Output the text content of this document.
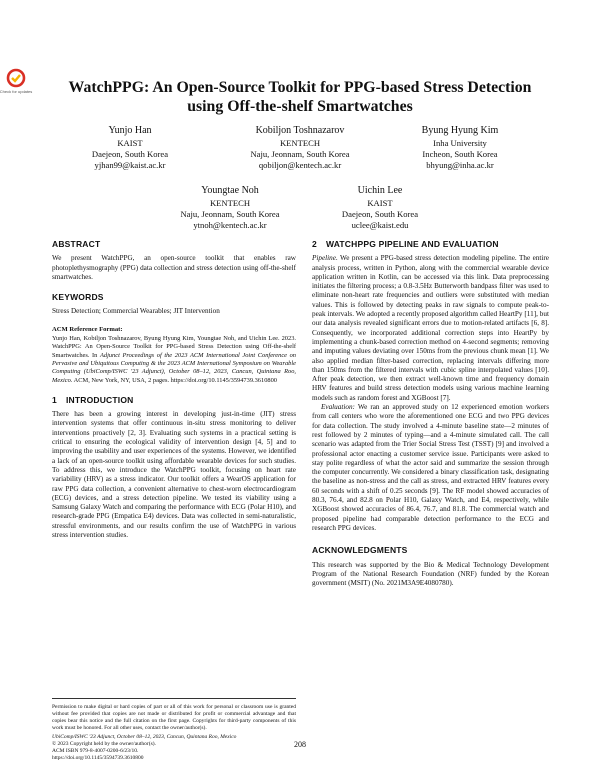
Check for updates	WatchPPG: An Open-Source Toolkit for PPG-based Stress Detection using Off-the-shelf Smartwatches
Yunjo Han
KAIST
Daejeon, South Korea
yjhan99@kaist.ac.kr
Kobiljon Toshnazarov
KENTECH
Naju, Jeonnam, South Korea
qobiljon@kentech.ac.kr
Byung Hyung Kim
Inha University
Incheon, South Korea
bhyung@inha.ac.kr
Youngtae Noh
KENTECH
Naju, Jeonnam, South Korea
ytnoh@kentech.ac.kr
Uichin Lee
KAIST
Daejeon, South Korea
uclee@kaist.edu
ABSTRACT

We present WatchPPG, an open-source toolkit that enables raw photoplethysmography (PPG) data collection and stress detection using off-the-shelf smartwatches.

KEYWORDS

Stress Detection; Commercial Wearables; JIT Intervention

ACM Reference Format:

Yunjo Han, Kobiljon Toshnazarov, Byung Hyung Kim, Youngtae Noh, and Uichin Lee. 2023. WatchPPG: An Open-Source Toolkit for PPG-based Stress Detection using Off-the-shelf Smartwatches. In Adjunct Proceedings of the 2023 ACM International Joint Conference on Pervasive and Ubiquitous Computing & the 2023 ACM International Symposium on Wearable Computing (UbiComp/ISWC '23 Adjunct), October 08–12, 2023, Cancun, Quintana Roo, Mexico. ACM, New York, NY, USA, 2 pages. https://doi.org/10.1145/3594739.3610800

1 INTRODUCTION

There has been a growing interest in developing just-in-time (JIT) stress intervention systems that offer continuous in-situ stress monitoring to deliver interventions proactively [2, 3]. Evaluating such systems in a practical setting is critical to ensuring the ecological validity of intervention design [4, 5] and to improving the usability and user experiences of the systems. However, we identified a lack of an open-source toolkit using affordable wearable devices for such studies. To address this, we introduce the WatchPPG toolkit, focusing on heart rate variability (HRV) as a stress indicator. Our toolkit offers a WearOS application for raw PPG data collection, a convenient alternative to chest-worn electrocardiogram (ECG) devices, and a stress detection pipeline. We tested its viability using a Samsung Galaxy Watch and comparing the performance with ECG (Polar H10), and research-grade PPG (Empatica E4) devices. Data was collected in semi-naturalistic, stressful environments, and our results confirm the use of WatchPPG in various stress intervention studies.

Permission to make digital or hard copies of part or all of this work for personal or classroom use is granted without fee provided that copies are not made or distributed for profit or commercial advantage and that copies bear this notice and the full citation on the first page. Copyrights for third-party components of this work must be honored. For all other uses, contact the owner/author(s).

UbiComp/ISWC '23 Adjunct, October 08–12, 2023, Cancun, Quintana Roo, Mexico

© 2023 Copyright held by the owner/author(s).

ACM ISBN 979-8-4007-0200-6/23/10.

https://doi.org/10.1145/3594739.3610800

2 WATCHPPG PIPELINE AND EVALUATION

Pipeline. We present a PPG-based stress detection modeling pipeline. The entire analysis process, written in Python, along with the commercial wearable device application written in Kotlin, can be accessed via this link. Data preprocessing initiates the filtering process; a 0.8-3.5Hz Butterworth bandpass filter was used to eliminate non-heart rate frequencies and outliers were substituted with median values. This is followed by detecting peaks in raw signals to compute peak-to-peak intervals. We adopted a recently proposed algorithm called HeartPy [11], but our data analysis revealed significant errors due to motion-related artifacts [6, 8]. Consequently, we incorporated additional correction steps into HeartPy by implementing a chunk-based correction method on 4-second segments; removing and imputing values deviating over 150ms from the previous chunk mean [1]. We also applied median filter-based correction, replacing intervals differing more than 150ms from the filtered intervals with cubic spline interpolated values [10]. After peak detection, we then extract well-known time and frequency domain HRV features and build stress detection models using various machine learning models such as random forest and XGBoost [7].

Evaluation: We ran an approved study on 12 experienced emotion workers from call centers who wore the aforementioned one ECG and two PPG devices for data collection. The study involved a 4-minute baseline state—2 minutes of rest followed by 2 minutes of typing—and a 4-minute simulated call. The call scenario was adapted from the Trier Social Stress Test (TSST) [9] and involved a professional actor enacting a customer service issue. Participants were asked to stay polite regardless of what the actor said and summarize the session through the computer concurrently. We considered a binary classification task, designating the baseline as non-stress and the call as stress, and extracted HRV features every 60 seconds with a shift of 0.25 seconds [9]. The RF model showed accuracies of 80.3, 76.4, and 82.8 on Polar H10, Galaxy Watch, and E4, respectively, while XGBoost showed accuracies of 86.4, 76.7, and 81.8. The commercial watch and proposed pipeline had comparable detection performance to the ECG and research PPG devices.

ACKNOWLEDGMENTS

This research was supported by the Bio & Medical Technology Development Program of the National Research Foundation (NRF) funded by the Korean government (MSIT) (No. 2021M3A9E4080780).

208
